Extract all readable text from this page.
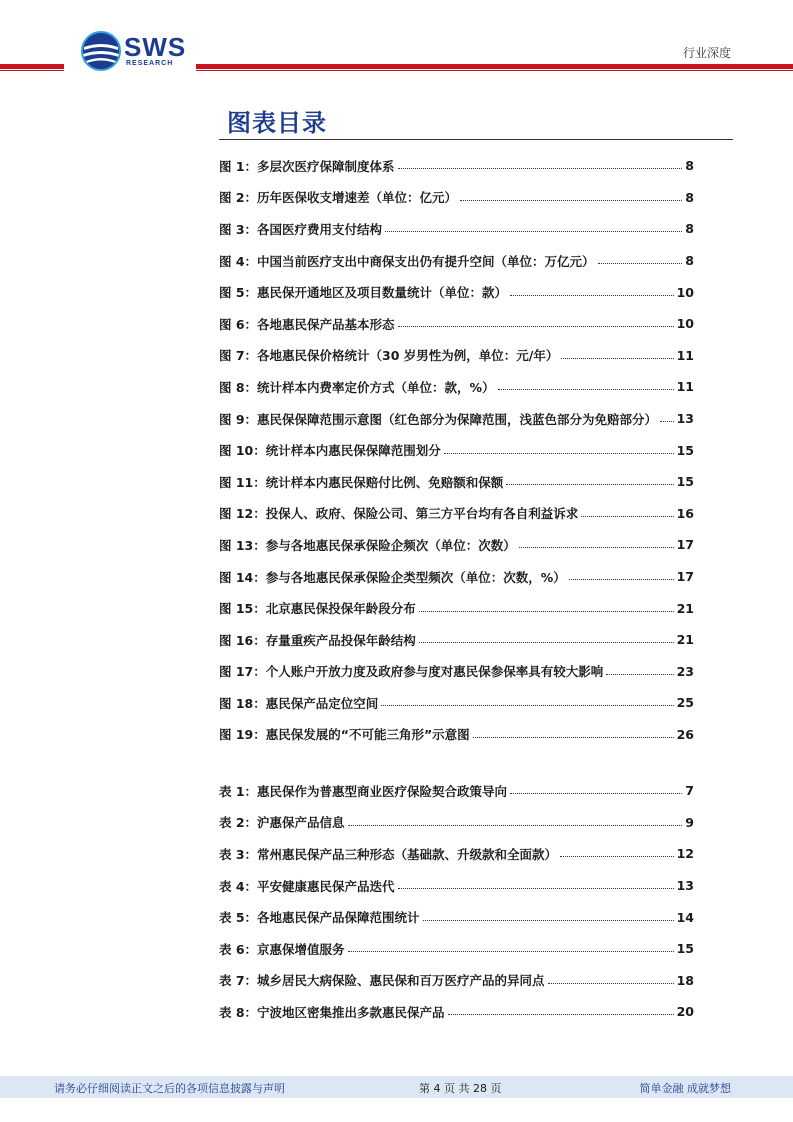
SWS
RESEARCH
行业深度
图表目录
图 1：多层次医疗保障制度体系	8
图 2：历年医保收支增速差（单位：亿元）	8
图 3：各国医疗费用支付结构	8
图 4：中国当前医疗支出中商保支出仍有提升空间（单位：万亿元）	8
图 5：惠民保开通地区及项目数量统计（单位：款）	10
图 6：各地惠民保产品基本形态	10
图 7：各地惠民保价格统计（30 岁男性为例，单位：元/年）	11
图 8：统计样本内费率定价方式（单位：款，%）	11
图 9：惠民保保障范围示意图（红色部分为保障范围，浅蓝色部分为免赔部分） 13
图 10：统计样本内惠民保保障范围划分	15
图 11：统计样本内惠民保赔付比例、免赔额和保额	15
图 12：投保人、政府、保险公司、第三方平台均有各自利益诉求	16
图 13：参与各地惠民保承保险企频次（单位：次数）	17
图 14：参与各地惠民保承保险企类型频次（单位：次数，%）	17
图 15：北京惠民保投保年龄段分布	21
图 16：存量重疾产品投保年龄结构	21
图 17：个人账户开放力度及政府参与度对惠民保参保率具有较大影响	23
图 18：惠民保产品定位空间	25
图 19：惠民保发展的“不可能三角形”示意图	26
表 1：惠民保作为普惠型商业医疗保险契合政策导向	7
表 2：沪惠保产品信息	9
表 3：常州惠民保产品三种形态（基础款、升级款和全面款）	12
表 4：平安健康惠民保产品迭代	13
表 5：各地惠民保产品保障范围统计	14
表 6：京惠保增值服务	15
表 7：城乡居民大病保险、惠民保和百万医疗产品的异同点	18
表 8：宁波地区密集推出多款惠民保产品	20
请务必仔细阅读正文之后的各项信息披露与声明	第 4 页 共 28 页	简单金融 成就梦想
